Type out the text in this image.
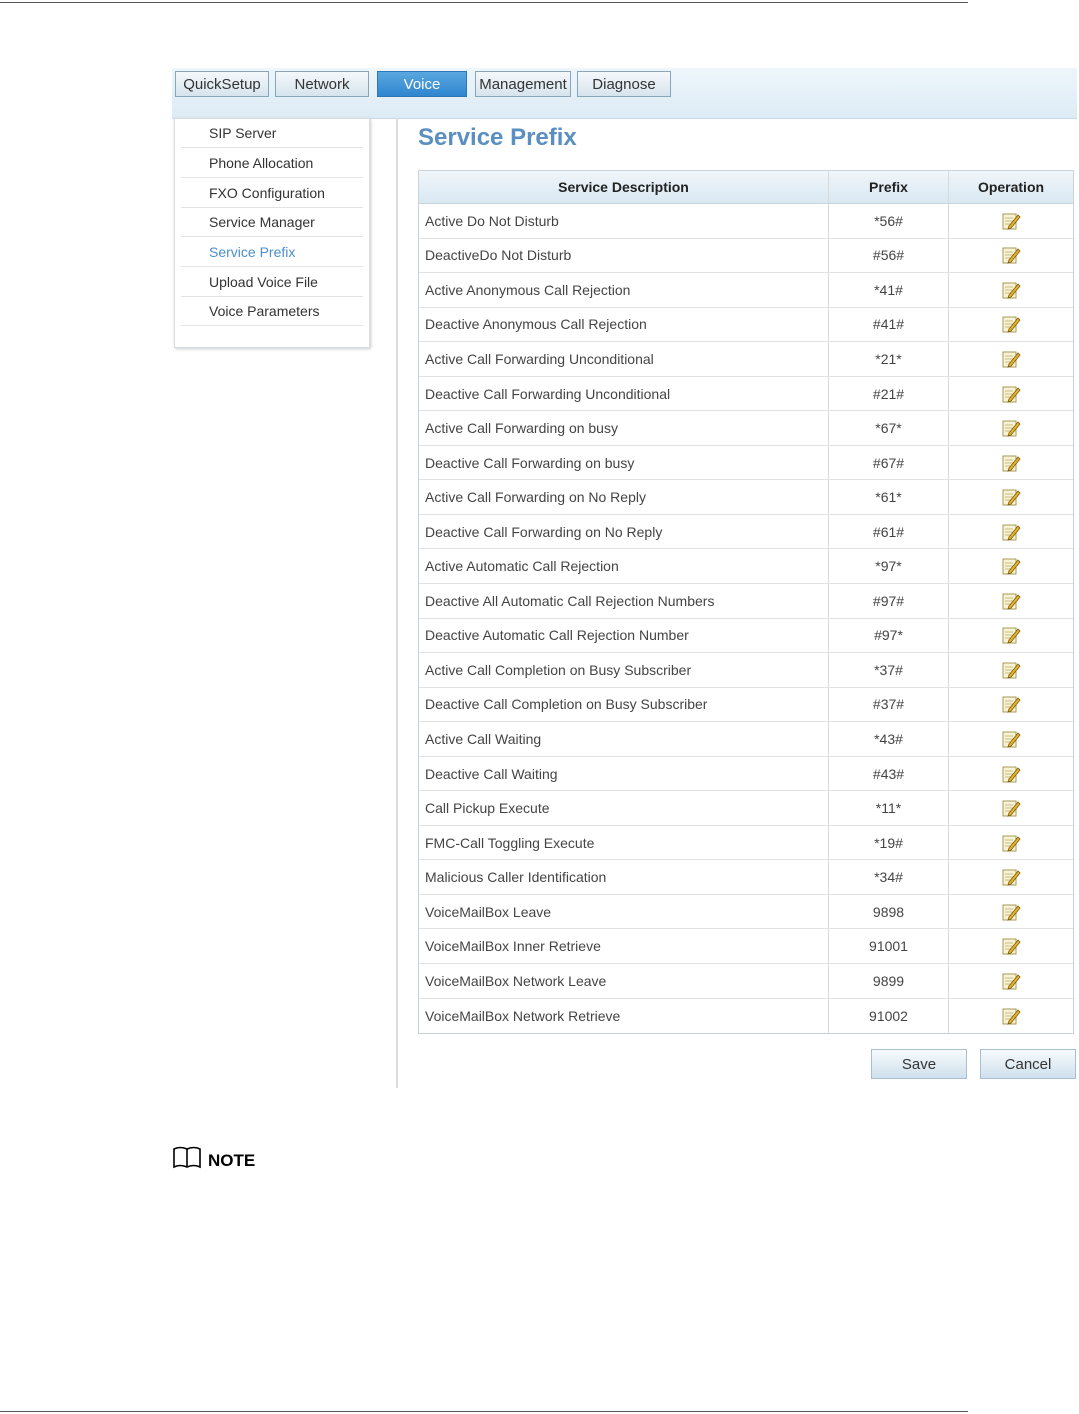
QuickSetup	Network	Voice	Management	Diagnose
SIP Server
Phone Allocation
FXO Configuration
Service Manager
Service Prefix
Upload Voice File
Voice Parameters
Service Prefix
Service Description	Prefix	Operation
Active Do Not Disturb	*56#
DeactiveDo Not Disturb	#56#
Active Anonymous Call Rejection	*41#
Deactive Anonymous Call Rejection	#41#
Active Call Forwarding Unconditional	*21*
Deactive Call Forwarding Unconditional	#21#
Active Call Forwarding on busy	*67*
Deactive Call Forwarding on busy	#67#
Active Call Forwarding on No Reply	*61*
Deactive Call Forwarding on No Reply	#61#
Active Automatic Call Rejection	*97*
Deactive All Automatic Call Rejection Numbers	#97#
Deactive Automatic Call Rejection Number	#97*
Active Call Completion on Busy Subscriber	*37#
Deactive Call Completion on Busy Subscriber	#37#
Active Call Waiting	*43#
Deactive Call Waiting	#43#
Call Pickup Execute	*11*
FMC-Call Toggling Execute	*19#
Malicious Caller Identification	*34#
VoiceMailBox Leave	9898
VoiceMailBox Inner Retrieve	91001
VoiceMailBox Network Leave	9899
VoiceMailBox Network Retrieve	91002
Save	Cancel
NOTE
